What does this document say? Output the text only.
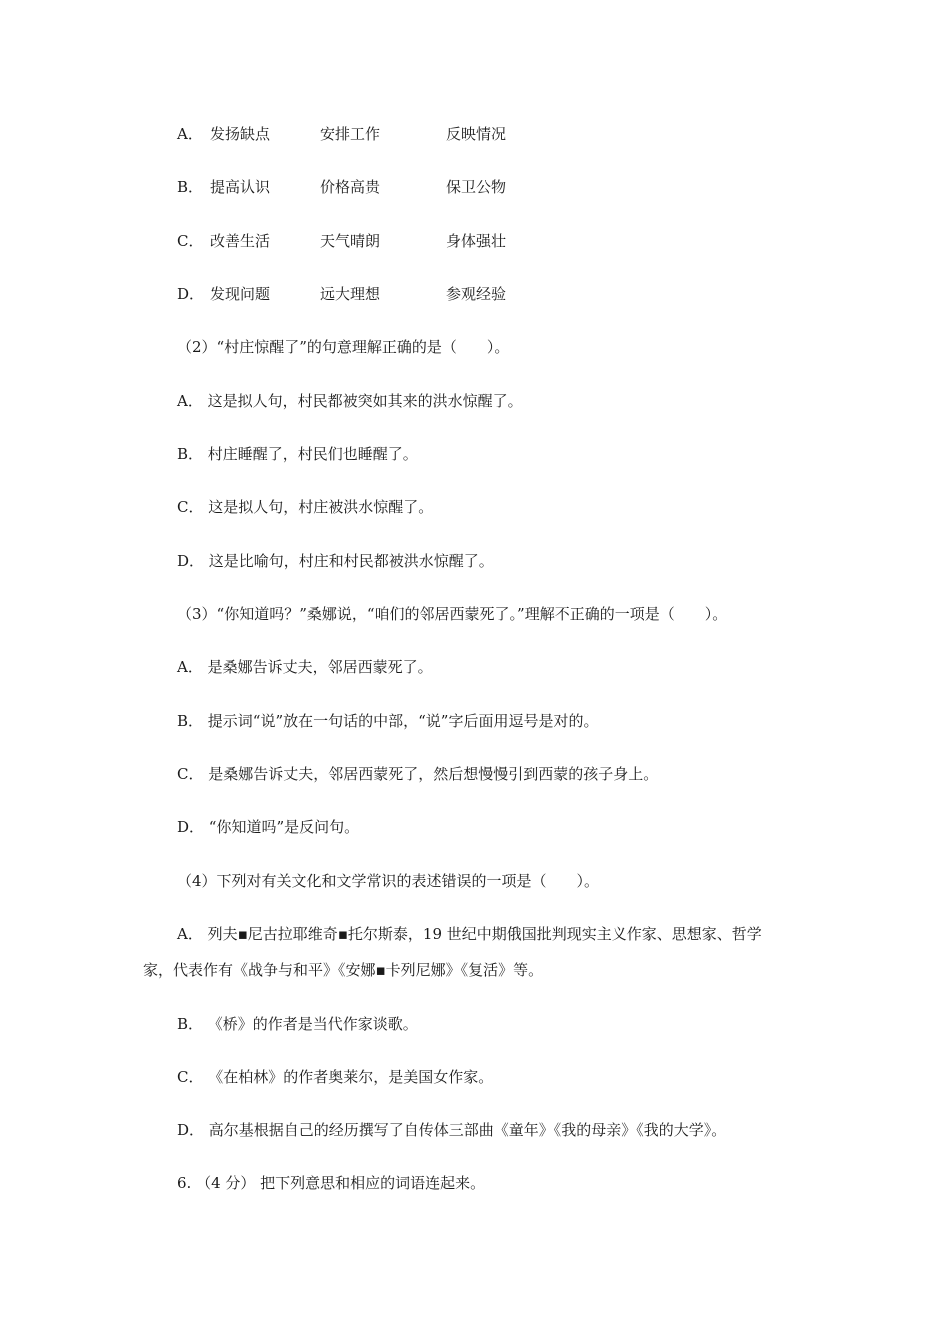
A． 发扬缺点	安排工作	反映情况
B． 提高认识	价格高贵	保卫公物
C． 改善生活	天气晴朗	身体强壮
D． 发现问题	远大理想	参观经验
（2）“村庄惊醒了”的句意理解正确的是（　　）。
A． 这是拟人句，村民都被突如其来的洪水惊醒了。
B． 村庄睡醒了，村民们也睡醒了。
C． 这是拟人句，村庄被洪水惊醒了。
D． 这是比喻句，村庄和村民都被洪水惊醒了。
（3）“你知道吗？”桑娜说，“咱们的邻居西蒙死了。”理解不正确的一项是（　　）。
A． 是桑娜告诉丈夫，邻居西蒙死了。
B． 提示词“说”放在一句话的中部，“说”字后面用逗号是对的。
C． 是桑娜告诉丈夫，邻居西蒙死了，然后想慢慢引到西蒙的孩子身上。
D． “你知道吗”是反问句。
（4）下列对有关文化和文学常识的表述错误的一项是（　　）。
A． 列夫▪尼古拉耶维奇▪托尔斯泰，19 世纪中期俄国批判现实主义作家、思想家、哲学
家，代表作有《战争与和平》《安娜▪卡列尼娜》《复活》等。
B． 《桥》的作者是当代作家谈歌。
C． 《在柏林》的作者奥莱尔，是美国女作家。
D． 高尔基根据自己的经历撰写了自传体三部曲《童年》《我的母亲》《我的大学》。
6. （4 分） 把下列意思和相应的词语连起来。
